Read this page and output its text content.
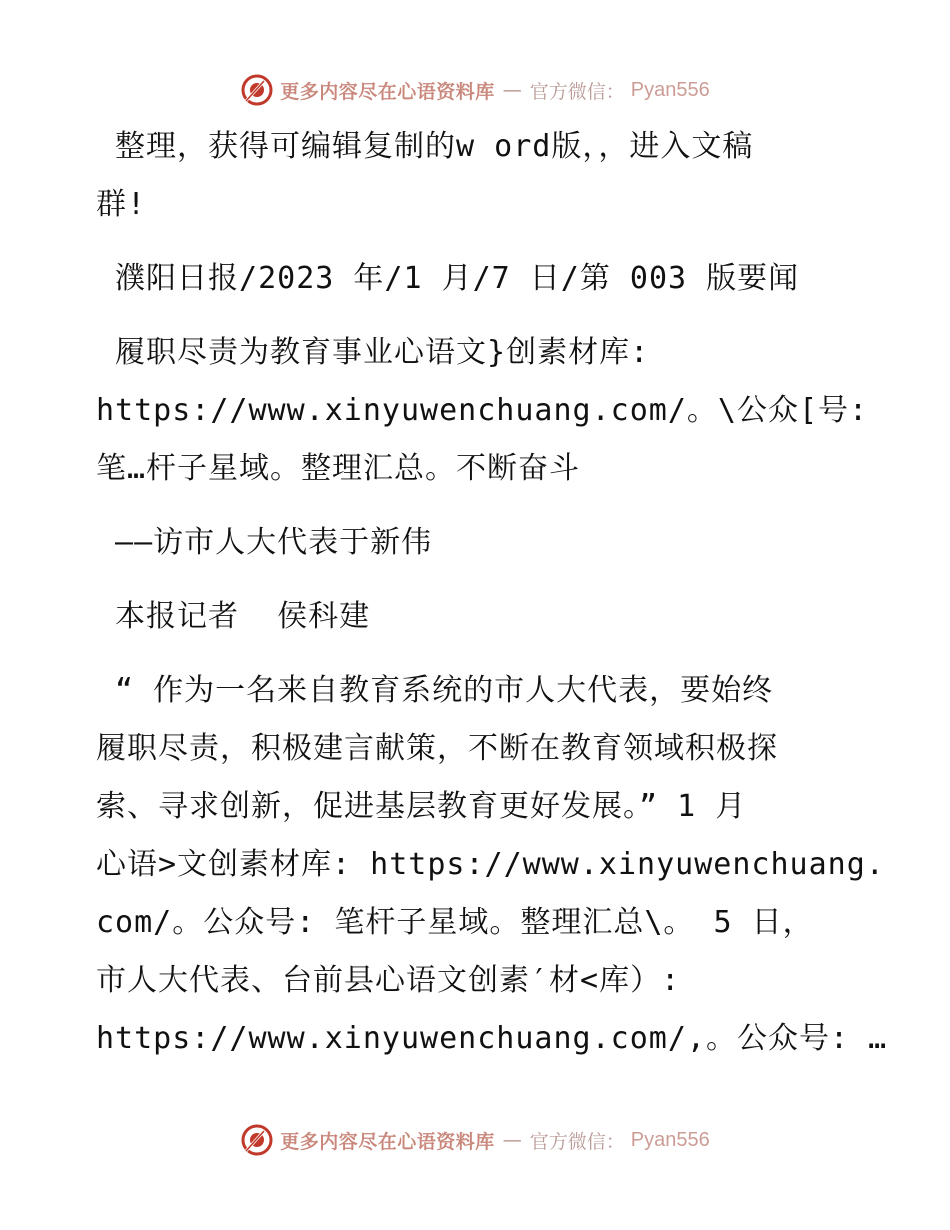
更多内容尽在心语资料库 — 官方微信： Pyan556
整理，获得可编辑复制的w ord版，，进入文稿
群!
濮阳日报/2023 年/1 月/7 日/第 003 版要闻
履职尽责为教育事业心语文}创素材库:
https://www.xinyuwenchuang.com/。\公众[号:
笔…杆子星域。整理汇总。不断奋斗
——访市人大代表于新伟
本报记者  侯科建
“ 作为一名来自教育系统的市人大代表，要始终
履职尽责，积极建言献策，不断在教育领域积极探
索、寻求创新，促进基层教育更好发展。” 1 月
心语>文创素材库: https://www.xinyuwenchuang.
com/。公众号: 笔杆子星域。整理汇总\。 5 日，
市人大代表、台前县心语文创素′材<库）:
https://www.xinyuwenchuang.com/,。公众号: …
更多内容尽在心语资料库 — 官方微信： Pyan556
